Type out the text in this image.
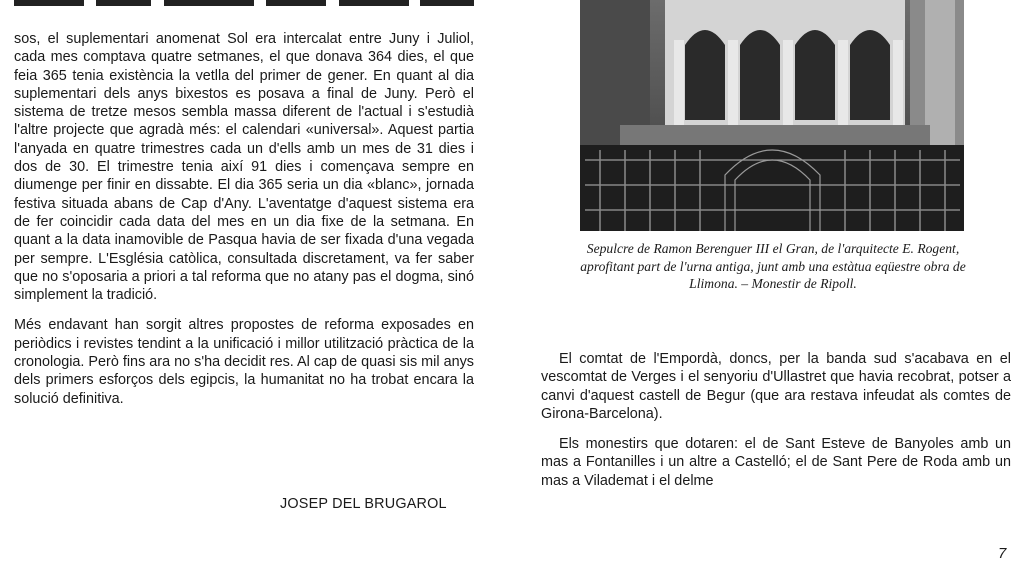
sos, el suplementari anomenat Sol era intercalat entre Juny i Juliol, cada mes comptava quatre setmanes, el que donava 364 dies, el que feia 365 tenia existència la vetlla del primer de gener. En quant al dia suplementari dels anys bixestos es posava a final de Juny. Però el sistema de tretze mesos sembla massa diferent de l'actual i s'estudià l'altre projecte que agradà més: el calendari «universal». Aquest partia l'anyada en quatre trimestres cada un d'ells amb un mes de 31 dies i dos de 30. El trimestre tenia així 91 dies i començava sempre en diumenge per finir en dissabte. El dia 365 seria un dia «blanc», jornada festiva situada abans de Cap d'Any. L'aventatge d'aquest sistema era de fer coincidir cada data del mes en un dia fixe de la setmana. En quant a la data inamovible de Pasqua havia de ser fixada d'una vegada per sempre. L'Església catòlica, consultada discretament, va fer saber que no s'oposaria a priori a tal reforma que no atany pas el dogma, sinó simplement la tradició.

Més endavant han sorgit altres propostes de reforma exposades en periòdics i revistes tendint a la unificació i millor utilització pràctica de la cronologia. Però fins ara no s'ha decidit res. Al cap de quasi sis mil anys dels primers esforços dels egipcis, la humanitat no ha trobat encara la solució definitiva.

JOSEP DEL BRUGAROL

Sepulcre de Ramon Berenguer III el Gran, de l'arquitecte E. Rogent, aprofitant part de l'urna antiga, junt amb una estàtua eqüestre obra de Llimona. – Monestir de Ripoll.

El comtat de l'Empordà, doncs, per la banda sud s'acabava en el vescomtat de Verges i el senyoriu d'Ullastret que havia recobrat, potser a canvi d'aquest castell de Begur (que ara restava infeudat als comtes de Girona-Barcelona).

Els monestirs que dotaren: el de Sant Esteve de Banyoles amb un mas a Fontanilles i un altre a Castelló; el de Sant Pere de Roda amb un mas a Vilademat i el delme

7
